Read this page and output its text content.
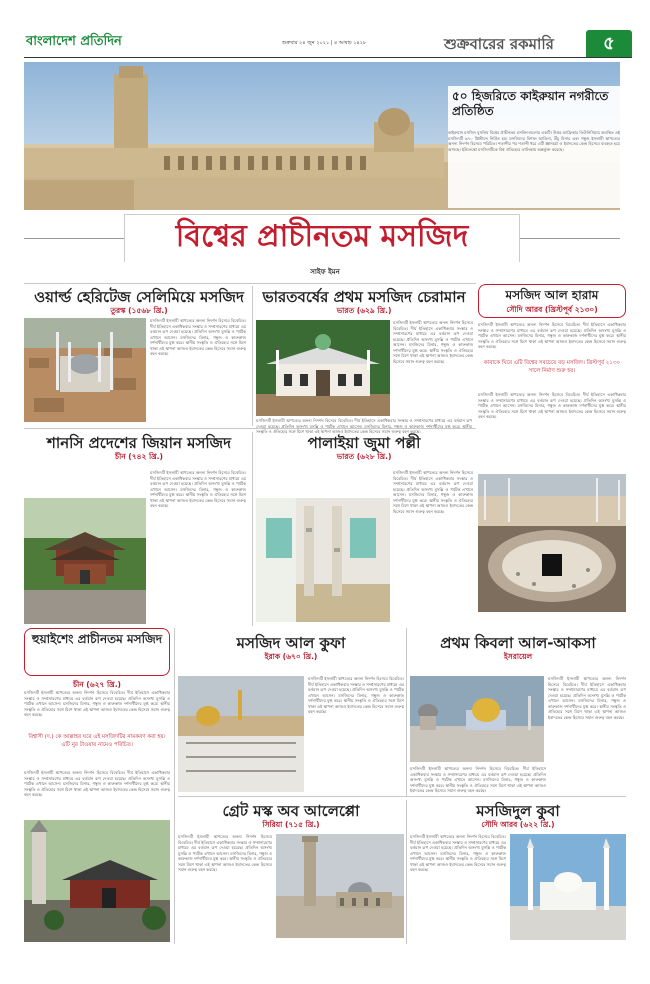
বাংলাদেশ প্রতিদিন	শুক্রবার ২৪ জুন ২০২১ | ৪ আষাঢ় ১৪২৮	শুক্রবারের রকমারি	৫
৫০ হিজরিতে কাইরুয়ান নগরীতে প্রতিষ্ঠিত
কাইরুয়ান মসজিদ মুসলিম বিশ্বের প্রাচীনতম মসজিদগুলোর একটি। উত্তর আফ্রিকার তিউনিসিয়ায় অবস্থিত এই মসজিদটি ৬৭০ খ্রিস্টাব্দে নির্মিত হয়। মসজিদের বিশাল আঙিনা, উঁচু মিনার এবং গম্বুজ ইসলামী স্থাপত্যের অনন্য নিদর্শন হিসেবে পরিচিত। শতাব্দীর পর শতাব্দী ধরে এটি জ্ঞানচর্চা ও ইবাদতের কেন্দ্র হিসেবে ব্যবহৃত হয়ে আসছে। ইউনেস্কো মসজিদটিকে বিশ্ব ঐতিহ্যের তালিকায় অন্তর্ভুক্ত করেছে।
বিশ্বের প্রাচীনতম মসজিদ
সাইফ ইমন
ওয়ার্ল্ড হেরিটেজ সেলিমিয়ে মসজিদ
তুরস্ক (১৫৬৮ খ্রি.)
মসজিদটি ইসলামী স্থাপত্যের অনন্য নিদর্শন হিসেবে বিবেচিত। দীর্ঘ ইতিহাসে একাধিকবার সংস্কার ও সম্প্রসারণের মাধ্যমে এর বর্তমান রূপ দেওয়া হয়েছে। প্রতিদিন অসংখ্য মুসল্লি ও পর্যটক এখানে আসেন। মসজিদের মিনার, গম্বুজ ও কারুকাজ দর্শনার্থীদের মুগ্ধ করে। স্থানীয় সংস্কৃতি ও ঐতিহ্যের সঙ্গে মিশে থাকা এই স্থাপনা আজও ইবাদতের কেন্দ্র হিসেবে সমান গুরুত্ব বহন করছে।
ভারতবর্ষের প্রথম মসজিদ চেরামান
ভারত (৬২৯ খ্রি.)
মসজিদটি ইসলামী স্থাপত্যের অনন্য নিদর্শন হিসেবে বিবেচিত। দীর্ঘ ইতিহাসে একাধিকবার সংস্কার ও সম্প্রসারণের মাধ্যমে এর বর্তমান রূপ দেওয়া হয়েছে। প্রতিদিন অসংখ্য মুসল্লি ও পর্যটক এখানে আসেন। মসজিদের মিনার, গম্বুজ ও কারুকাজ দর্শনার্থীদের মুগ্ধ করে। স্থানীয় সংস্কৃতি ও ঐতিহ্যের সঙ্গে মিশে থাকা এই স্থাপনা আজও ইবাদতের কেন্দ্র হিসেবে সমান গুরুত্ব বহন করছে।
মসজিদটি ইসলামী স্থাপত্যের অনন্য নিদর্শন হিসেবে বিবেচিত। দীর্ঘ ইতিহাসে একাধিকবার সংস্কার ও সম্প্রসারণের মাধ্যমে এর বর্তমান রূপ দেওয়া হয়েছে। প্রতিদিন অসংখ্য মুসল্লি ও পর্যটক এখানে আসেন। মসজিদের মিনার, গম্বুজ ও কারুকাজ দর্শনার্থীদের মুগ্ধ করে। স্থানীয় সংস্কৃতি ও ঐতিহ্যের সঙ্গে মিশে থাকা এই স্থাপনা আজও ইবাদতের কেন্দ্র হিসেবে সমান গুরুত্ব বহন করছে।
মসজিদ আল হারাম
সৌদি আরব (খ্রিস্টপূর্ব ২১৩০)
মসজিদটি ইসলামী স্থাপত্যের অনন্য নিদর্শন হিসেবে বিবেচিত। দীর্ঘ ইতিহাসে একাধিকবার সংস্কার ও সম্প্রসারণের মাধ্যমে এর বর্তমান রূপ দেওয়া হয়েছে। প্রতিদিন অসংখ্য মুসল্লি ও পর্যটক এখানে আসেন। মসজিদের মিনার, গম্বুজ ও কারুকাজ দর্শনার্থীদের মুগ্ধ করে। স্থানীয় সংস্কৃতি ও ঐতিহ্যের সঙ্গে মিশে থাকা এই স্থাপনা আজও ইবাদতের কেন্দ্র হিসেবে সমান গুরুত্ব বহন করছে।
কাবাকে ঘিরে এটি বিশ্বের সবচেয়ে বড় মসজিদ। খ্রিস্টপূর্ব ২১৩০ সালে নির্মাণ শুরু হয়।
মসজিদটি ইসলামী স্থাপত্যের অনন্য নিদর্শন হিসেবে বিবেচিত। দীর্ঘ ইতিহাসে একাধিকবার সংস্কার ও সম্প্রসারণের মাধ্যমে এর বর্তমান রূপ দেওয়া হয়েছে। প্রতিদিন অসংখ্য মুসল্লি ও পর্যটক এখানে আসেন। মসজিদের মিনার, গম্বুজ ও কারুকাজ দর্শনার্থীদের মুগ্ধ করে। স্থানীয় সংস্কৃতি ও ঐতিহ্যের সঙ্গে মিশে থাকা এই স্থাপনা আজও ইবাদতের কেন্দ্র হিসেবে সমান গুরুত্ব বহন করছে।
শানসি প্রদেশের জিয়ান মসজিদ
চীন (৭৪২ খ্রি.)
মসজিদটি ইসলামী স্থাপত্যের অনন্য নিদর্শন হিসেবে বিবেচিত। দীর্ঘ ইতিহাসে একাধিকবার সংস্কার ও সম্প্রসারণের মাধ্যমে এর বর্তমান রূপ দেওয়া হয়েছে। প্রতিদিন অসংখ্য মুসল্লি ও পর্যটক এখানে আসেন। মসজিদের মিনার, গম্বুজ ও কারুকাজ দর্শনার্থীদের মুগ্ধ করে। স্থানীয় সংস্কৃতি ও ঐতিহ্যের সঙ্গে মিশে থাকা এই স্থাপনা আজও ইবাদতের কেন্দ্র হিসেবে সমান গুরুত্ব বহন করছে।
পালাইয়া জুমা পল্লী
ভারত (৬২৮ খ্রি.)
মসজিদটি ইসলামী স্থাপত্যের অনন্য নিদর্শন হিসেবে বিবেচিত। দীর্ঘ ইতিহাসে একাধিকবার সংস্কার ও সম্প্রসারণের মাধ্যমে এর বর্তমান রূপ দেওয়া হয়েছে। প্রতিদিন অসংখ্য মুসল্লি ও পর্যটক এখানে আসেন। মসজিদের মিনার, গম্বুজ ও কারুকাজ দর্শনার্থীদের মুগ্ধ করে। স্থানীয় সংস্কৃতি ও ঐতিহ্যের সঙ্গে মিশে থাকা এই স্থাপনা আজও ইবাদতের কেন্দ্র হিসেবে সমান গুরুত্ব বহন করছে।
হুয়াইশেং প্রাচীনতম মসজিদ
চীন (৬২৭ খ্রি.)
মসজিদটি ইসলামী স্থাপত্যের অনন্য নিদর্শন হিসেবে বিবেচিত। দীর্ঘ ইতিহাসে একাধিকবার সংস্কার ও সম্প্রসারণের মাধ্যমে এর বর্তমান রূপ দেওয়া হয়েছে। প্রতিদিন অসংখ্য মুসল্লি ও পর্যটক এখানে আসেন। মসজিদের মিনার, গম্বুজ ও কারুকাজ দর্শনার্থীদের মুগ্ধ করে। স্থানীয় সংস্কৃতি ও ঐতিহ্যের সঙ্গে মিশে থাকা এই স্থাপনা আজও ইবাদতের কেন্দ্র হিসেবে সমান গুরুত্ব বহন করছে।
বিশ্বাসী (দ.) কে আল্লাহর ঘরে এই মসজিদটির নামকরণ করা হয়। এটি নুর টাওয়ার নামেও পরিচিত।
মসজিদটি ইসলামী স্থাপত্যের অনন্য নিদর্শন হিসেবে বিবেচিত। দীর্ঘ ইতিহাসে একাধিকবার সংস্কার ও সম্প্রসারণের মাধ্যমে এর বর্তমান রূপ দেওয়া হয়েছে। প্রতিদিন অসংখ্য মুসল্লি ও পর্যটক এখানে আসেন। মসজিদের মিনার, গম্বুজ ও কারুকাজ দর্শনার্থীদের মুগ্ধ করে। স্থানীয় সংস্কৃতি ও ঐতিহ্যের সঙ্গে মিশে থাকা এই স্থাপনা আজও ইবাদতের কেন্দ্র হিসেবে সমান গুরুত্ব বহন করছে।
মসজিদ আল কুফা
ইরাক (৬৭০ খ্রি.)
মসজিদটি ইসলামী স্থাপত্যের অনন্য নিদর্শন হিসেবে বিবেচিত। দীর্ঘ ইতিহাসে একাধিকবার সংস্কার ও সম্প্রসারণের মাধ্যমে এর বর্তমান রূপ দেওয়া হয়েছে। প্রতিদিন অসংখ্য মুসল্লি ও পর্যটক এখানে আসেন। মসজিদের মিনার, গম্বুজ ও কারুকাজ দর্শনার্থীদের মুগ্ধ করে। স্থানীয় সংস্কৃতি ও ঐতিহ্যের সঙ্গে মিশে থাকা এই স্থাপনা আজও ইবাদতের কেন্দ্র হিসেবে সমান গুরুত্ব বহন করছে।
প্রথম কিবলা আল-আকসা
ইসরায়েল
মসজিদটি ইসলামী স্থাপত্যের অনন্য নিদর্শন হিসেবে বিবেচিত। দীর্ঘ ইতিহাসে একাধিকবার সংস্কার ও সম্প্রসারণের মাধ্যমে এর বর্তমান রূপ দেওয়া হয়েছে। প্রতিদিন অসংখ্য মুসল্লি ও পর্যটক এখানে আসেন। মসজিদের মিনার, গম্বুজ ও কারুকাজ দর্শনার্থীদের মুগ্ধ করে। স্থানীয় সংস্কৃতি ও ঐতিহ্যের সঙ্গে মিশে থাকা এই স্থাপনা আজও ইবাদতের কেন্দ্র হিসেবে সমান গুরুত্ব বহন করছে।
মসজিদটি ইসলামী স্থাপত্যের অনন্য নিদর্শন হিসেবে বিবেচিত। দীর্ঘ ইতিহাসে একাধিকবার সংস্কার ও সম্প্রসারণের মাধ্যমে এর বর্তমান রূপ দেওয়া হয়েছে। প্রতিদিন অসংখ্য মুসল্লি ও পর্যটক এখানে আসেন। মসজিদের মিনার, গম্বুজ ও কারুকাজ দর্শনার্থীদের মুগ্ধ করে। স্থানীয় সংস্কৃতি ও ঐতিহ্যের সঙ্গে মিশে থাকা এই স্থাপনা আজও ইবাদতের কেন্দ্র হিসেবে সমান গুরুত্ব বহন করছে।
গ্রেট মস্ক অব আলেপ্পো
সিরিয়া (৭১৫ খ্রি.)
মসজিদটি ইসলামী স্থাপত্যের অনন্য নিদর্শন হিসেবে বিবেচিত। দীর্ঘ ইতিহাসে একাধিকবার সংস্কার ও সম্প্রসারণের মাধ্যমে এর বর্তমান রূপ দেওয়া হয়েছে। প্রতিদিন অসংখ্য মুসল্লি ও পর্যটক এখানে আসেন। মসজিদের মিনার, গম্বুজ ও কারুকাজ দর্শনার্থীদের মুগ্ধ করে। স্থানীয় সংস্কৃতি ও ঐতিহ্যের সঙ্গে মিশে থাকা এই স্থাপনা আজও ইবাদতের কেন্দ্র হিসেবে সমান গুরুত্ব বহন করছে।
মসজিদুল কুবা
সৌদি আরব (৬২২ খ্রি.)
মসজিদটি ইসলামী স্থাপত্যের অনন্য নিদর্শন হিসেবে বিবেচিত। দীর্ঘ ইতিহাসে একাধিকবার সংস্কার ও সম্প্রসারণের মাধ্যমে এর বর্তমান রূপ দেওয়া হয়েছে। প্রতিদিন অসংখ্য মুসল্লি ও পর্যটক এখানে আসেন। মসজিদের মিনার, গম্বুজ ও কারুকাজ দর্শনার্থীদের মুগ্ধ করে। স্থানীয় সংস্কৃতি ও ঐতিহ্যের সঙ্গে মিশে থাকা এই স্থাপনা আজও ইবাদতের কেন্দ্র হিসেবে সমান গুরুত্ব বহন করছে।
